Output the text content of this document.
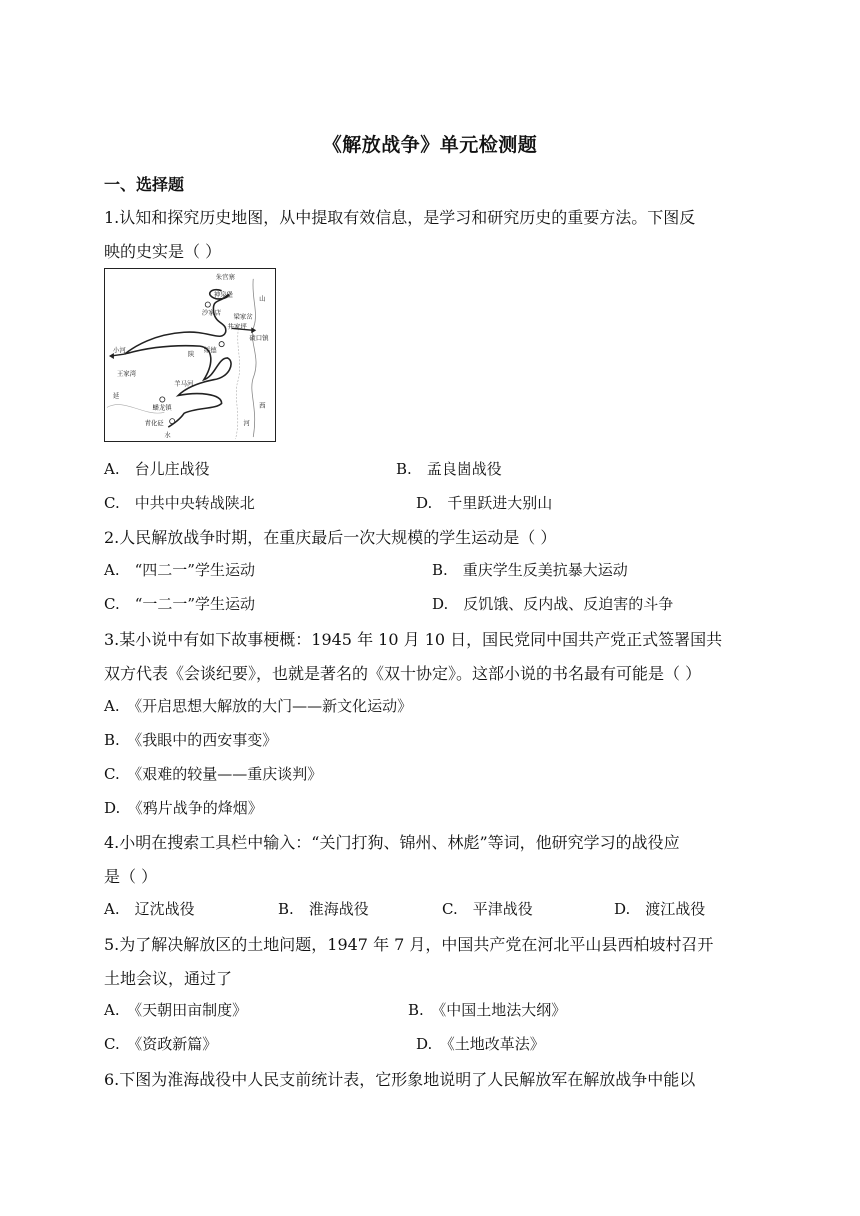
《解放战争》单元检测题
一、选择题
1.认知和探究历史地图，从中提取有效信息，是学习和研究历史的重要方法。下图反
映的史实是（ ）
朱官寨
神泉堡
沙家店 梁家岔
井家坪
山
碛口镇
小河
王家湾
陕 绥德
羊马河
蟠龙镇
延
青化砭
西
河
水
A.　台儿庄战役	B.　孟良崮战役
C.　中共中央转战陕北	D.　千里跃进大别山
2.人民解放战争时期，在重庆最后一次大规模的学生运动是（ ）
A.　“四二一”学生运动	B.　重庆学生反美抗暴大运动
C.　“一二一”学生运动	D.　反饥饿、反内战、反迫害的斗争
3.某小说中有如下故事梗概：1945 年 10 月 10 日，国民党同中国共产党正式签署国共
双方代表《会谈纪要》，也就是著名的《双十协定》。这部小说的书名最有可能是（ ）
A.　《开启思想大解放的大门——新文化运动》
B.　《我眼中的西安事变》
C.　《艰难的较量——重庆谈判》
D.　《鸦片战争的烽烟》
4.小明在搜索工具栏中输入：“关门打狗、锦州、林彪”等词，他研究学习的战役应
是（ ）
A.　辽沈战役	B.　淮海战役	C.　平津战役	D.　渡江战役
5.为了解决解放区的土地问题，1947 年 7 月，中国共产党在河北平山县西柏坡村召开
土地会议，通过了
A.　《天朝田亩制度》	B.　《中国土地法大纲》
C.　《资政新篇》	D.　《土地改革法》
6.下图为淮海战役中人民支前统计表，它形象地说明了人民解放军在解放战争中能以
